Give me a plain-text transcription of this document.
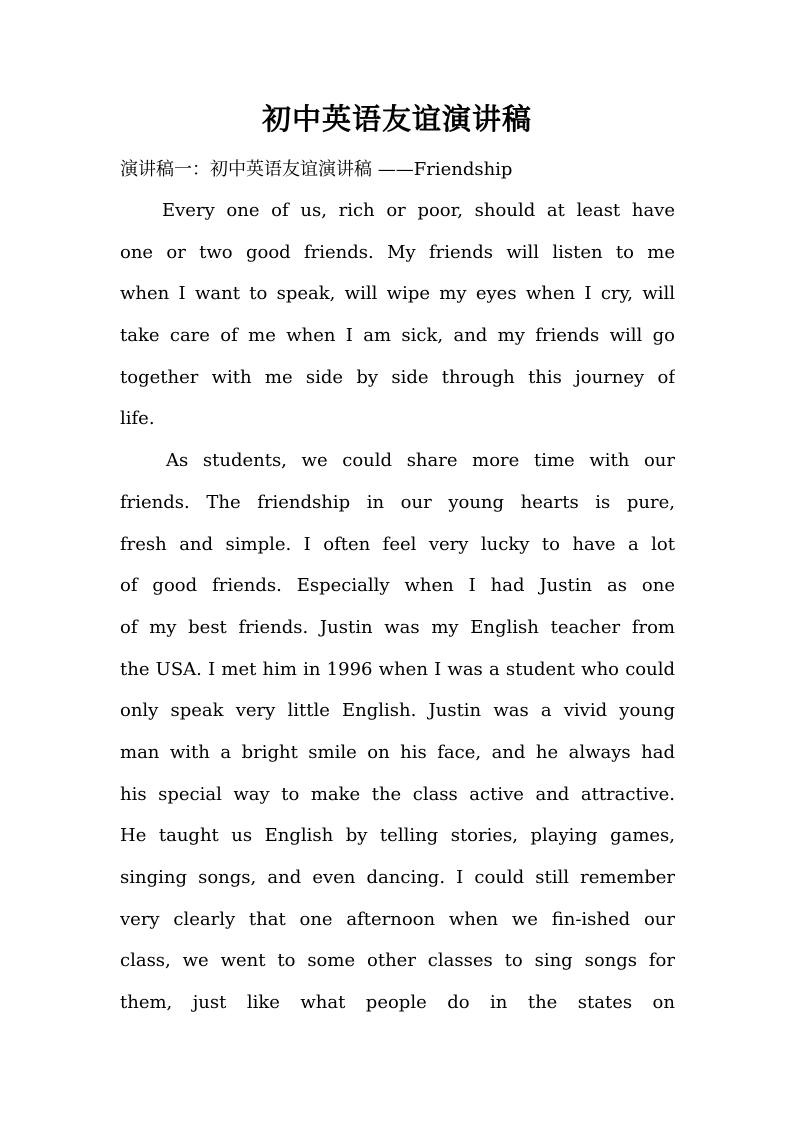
初中英语友谊演讲稿
演讲稿一：初中英语友谊演讲稿 ——Friendship
Every one of us, rich or poor, should at least have
one or two good friends. My friends will listen to me
when I want to speak, will wipe my eyes when I cry, will
take care of me when I am sick, and my friends will go
together with me side by side through this journey of
life.
As students, we could share more time with our
friends. The friendship in our young hearts is pure,
fresh and simple. I often feel very lucky to have a lot
of good friends. Especially when I had Justin as one
of my best friends. Justin was my English teacher from
the USA. I met him in 1996 when I was a student who could
only speak very little English. Justin was a vivid young
man with a bright smile on his face, and he always had
his special way to make the class active and attractive.
He taught us English by telling stories, playing games,
singing songs, and even dancing. I could still remember
very clearly that one afternoon when we fin-ished our
class, we went to some other classes to sing songs for
them, just like what people do in the states on
